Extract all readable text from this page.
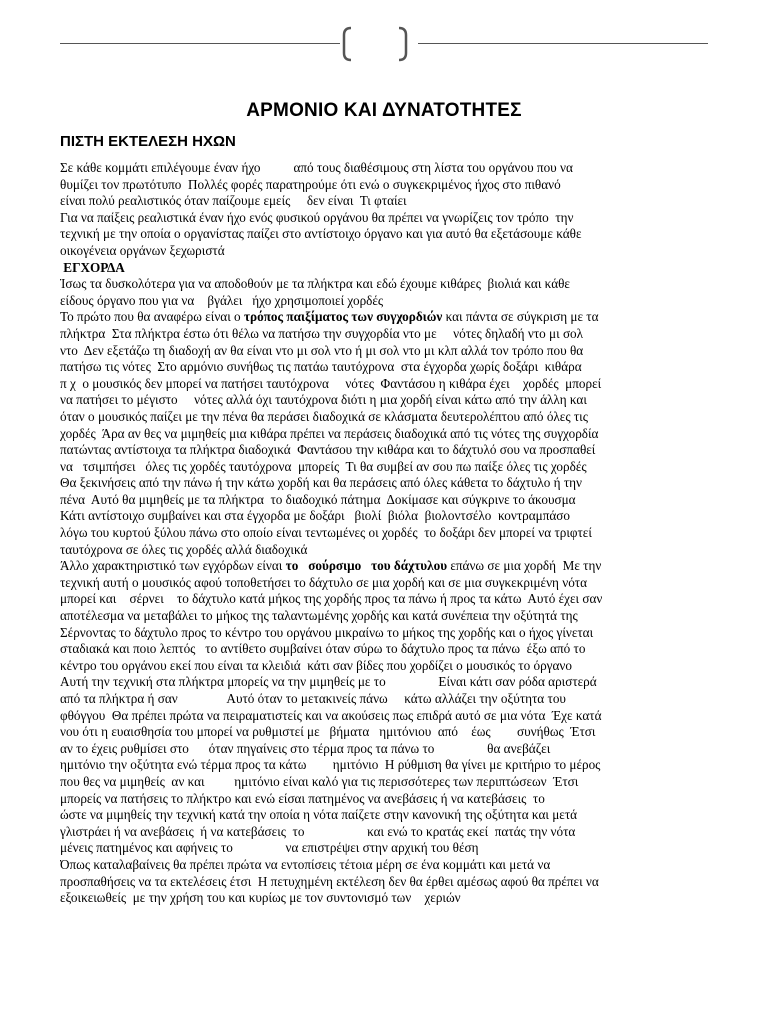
ΑΡΜΟΝΙΟ ΚΑΙ ΔΥΝΑΤΟΤΗΤΕΣ
ΠΙΣΤΗ ΕΚΤΕΛΕΣΗ ΗΧΩΝ
Σε κάθε κομμάτι επιλέγουμε έναν ήχο          από τους διαθέσιμους στη λίστα του οργάνου που να
θυμίζει τον πρωτότυπο  Πολλές φορές παρατηρούμε ότι ενώ ο συγκεκριμένος ήχος στο πιθανό
είναι πολύ ρεαλιστικός όταν παίζουμε εμείς     δεν είναι  Τι φταίει
Για να παίξεις ρεαλιστικά έναν ήχο ενός φυσικού οργάνου θα πρέπει να γνωρίζεις τον τρόπο  την
τεχνική με την οποία ο οργανίστας παίζει στο αντίστοιχο όργανο και για αυτό θα εξετάσουμε κάθε
οικογένεια οργάνων ξεχωριστά
ΕΓΧΟΡΔΑ
Ίσως τα δυσκολότερα για να αποδοθούν με τα πλήκτρα και εδώ έχουμε κιθάρες  βιολιά και κάθε
είδους όργανο που για να    βγάλει   ήχο χρησιμοποιεί χορδές
Το πρώτο που θα αναφέρω είναι ο τρόπος παιξίματος των συγχορδιών και πάντα σε σύγκριση με τα
πλήκτρα  Στα πλήκτρα έστω ότι θέλω να πατήσω την συγχορδία ντο με     νότες δηλαδή ντο μι σολ
ντο  Δεν εξετάζω τη διαδοχή αν θα είναι ντο μι σολ ντο ή μι σολ ντο μι κλπ αλλά τον τρόπο που θα
πατήσω τις νότες  Στο αρμόνιο συνήθως τις πατάω ταυτόχρονα  στα έγχορδα χωρίς δοξάρι  κιθάρα
π χ  ο μουσικός δεν μπορεί να πατήσει ταυτόχρονα     νότες  Φαντάσου η κιθάρα έχει    χορδές  μπορεί
να πατήσει το μέγιστο     νότες αλλά όχι ταυτόχρονα διότι η μια χορδή είναι κάτω από την άλλη και
όταν ο μουσικός παίζει με την πένα θα περάσει διαδοχικά σε κλάσματα δευτερολέπτου από όλες τις
χορδές  Άρα αν θες να μιμηθείς μια κιθάρα πρέπει να περάσεις διαδοχικά από τις νότες της συγχορδία
πατώντας αντίστοιχα τα πλήκτρα διαδοχικά  Φαντάσου την κιθάρα και το δάχτυλό σου να προσπαθεί
να   τσιμπήσει   όλες τις χορδές ταυτόχρονα  μπορείς  Τι θα συμβεί αν σου πω παίξε όλες τις χορδές
Θα ξεκινήσεις από την πάνω ή την κάτω χορδή και θα περάσεις από όλες κάθετα το δάχτυλο ή την
πένα  Αυτό θα μιμηθείς με τα πλήκτρα  το διαδοχικό πάτημα  Δοκίμασε και σύγκρινε το άκουσμα
Κάτι αντίστοιχο συμβαίνει και στα έγχορδα με δοξάρι   βιολί  βιόλα  βιολοντσέλο  κοντραμπάσο
λόγω του κυρτού ξύλου πάνω στο οποίο είναι τεντωμένες οι χορδές  το δοξάρι δεν μπορεί να τριφτεί
ταυτόχρονα σε όλες τις χορδές αλλά διαδοχικά
Άλλο χαρακτηριστικό των εγχόρδων είναι το   σούρσιμο   του δάχτυλου επάνω σε μια χορδή  Με την
τεχνική αυτή ο μουσικός αφού τοποθετήσει το δάχτυλο σε μια χορδή και σε μια συγκεκριμένη νότα
μπορεί και    σέρνει    το δάχτυλο κατά μήκος της χορδής προς τα πάνω ή προς τα κάτω  Αυτό έχει σαν
αποτέλεσμα να μεταβάλει το μήκος της ταλαντωμένης χορδής και κατά συνέπεια την οξύτητά της
Σέρνοντας το δάχτυλο προς το κέντρο του οργάνου μικραίνω το μήκος της χορδής και ο ήχος γίνεται
σταδιακά και ποιο λεπτός   το αντίθετο συμβαίνει όταν σύρω το δάχτυλο προς τα πάνω  έξω από το
κέντρο του οργάνου εκεί που είναι τα κλειδιά  κάτι σαν βίδες που χορδίζει ο μουσικός το όργανο
Αυτή την τεχνική στα πλήκτρα μπορείς να την μιμηθείς με το                Είναι κάτι σαν ρόδα αριστερά
από τα πλήκτρα ή σαν               Αυτό όταν το μετακινείς πάνω     κάτω αλλάζει την οξύτητα του
φθόγγου  Θα πρέπει πρώτα να πειραματιστείς και να ακούσεις πως επιδρά αυτό σε μια νότα  Έχε κατά
νου ότι η ευαισθησία του μπορεί να ρυθμιστεί με   βήματα   ημιτόνιου  από    έως        συνήθως  Έτσι
αν το έχεις ρυθμίσει στο      όταν πηγαίνεις στο τέρμα προς τα πάνω το                θα ανεβάζει
ημιτόνιο την οξύτητα ενώ τέρμα προς τα κάτω        ημιτόνιο  Η ρύθμιση θα γίνει με κριτήριο το μέρος
που θες να μιμηθείς  αν και         ημιτόνιο είναι καλό για τις περισσότερες των περιπτώσεων  Έτσι
μπορείς να πατήσεις το πλήκτρο και ενώ είσαι πατημένος να ανεβάσεις ή να κατεβάσεις  το
ώστε να μιμηθείς την τεχνική κατά την οποία η νότα παίζετε στην κανονική της οξύτητα και μετά
γλιστράει ή να ανεβάσεις  ή να κατεβάσεις  το                   και ενώ το κρατάς εκεί  πατάς την νότα
μένεις πατημένος και αφήνεις το                να επιστρέψει στην αρχική του θέση
Όπως καταλαβαίνεις θα πρέπει πρώτα να εντοπίσεις τέτοια μέρη σε ένα κομμάτι και μετά να
προσπαθήσεις να τα εκτελέσεις έτσι  Η πετυχημένη εκτέλεση δεν θα έρθει αμέσως αφού θα πρέπει να
εξοικειωθείς  με την χρήση του και κυρίως με τον συντονισμό των    χεριών
